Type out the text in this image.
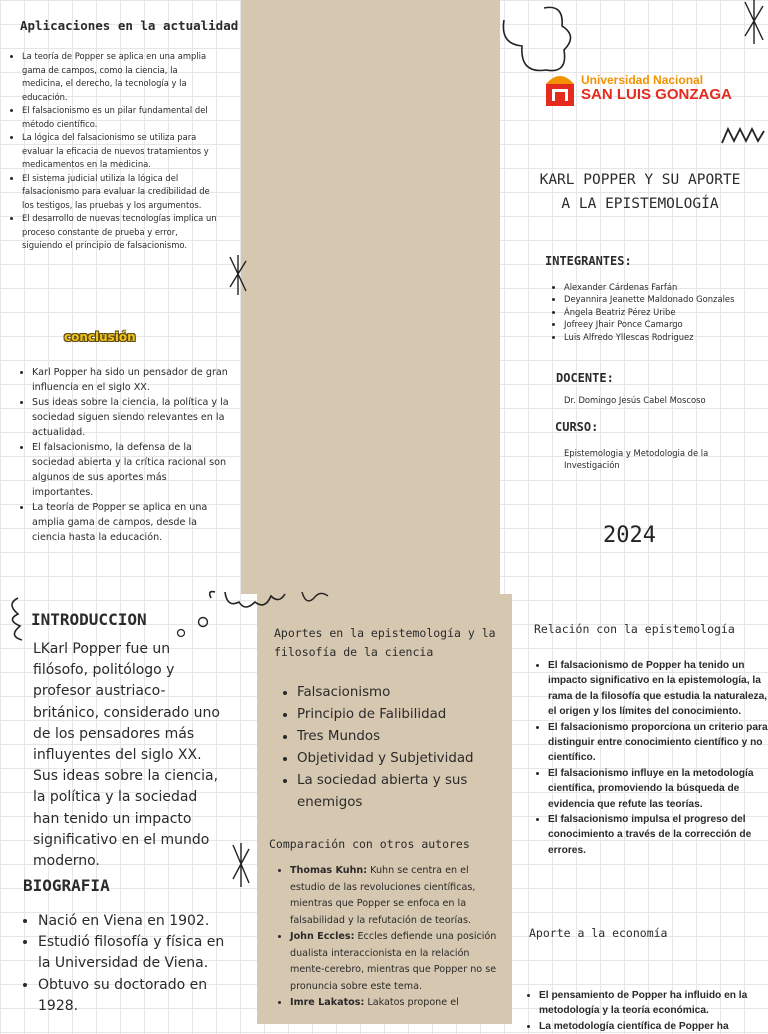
Aplicaciones en la actualidad
• La teoría de Popper se aplica en una amplia gama de campos, como la ciencia, la medicina, el derecho, la tecnología y la educación.
• El falsacionismo es un pilar fundamental del método científico.
• La lógica del falsacionismo se utiliza para evaluar la eficacia de nuevos tratamientos y medicamentos en la medicina.
• El sistema judicial utiliza la lógica del falsacionismo para evaluar la credibilidad de los testigos, las pruebas y los argumentos.
• El desarrollo de nuevas tecnologías implica un proceso constante de prueba y error, siguiendo el principio de falsacionismo.
conclusión
• Karl Popper ha sido un pensador de gran influencia en el siglo XX.
• Sus ideas sobre la ciencia, la política y la sociedad siguen siendo relevantes en la actualidad.
• El falsacionismo, la defensa de la sociedad abierta y la crítica racional son algunos de sus aportes más importantes.
• La teoría de Popper se aplica en una amplia gama de campos, desde la ciencia hasta la educación.
Universidad Nacional
SAN LUIS GONZAGA
KARL POPPER Y SU APORTE
A LA EPISTEMOLOGÍA
INTEGRANTES:
• Alexander Cárdenas Farfán
• Deyannira Jeanette Maldonado Gonzales
• Ángela Beatriz Pérez Uribe
• Jofreey Jhair Ponce Camargo
• Luis Alfredo Yllescas Rodriguez
DOCENTE:
Dr. Domingo Jesús Cabel Moscoso
CURSO:
Epistemologia y Metodologia de la Investigación
2024
INTRODUCCION
LKarl Popper fue un filósofo, politólogo y profesor austriaco-británico, considerado uno de los pensadores más influyentes del siglo XX. Sus ideas sobre la ciencia, la política y la sociedad han tenido un impacto significativo en el mundo moderno.
BIOGRAFIA
• Nació en Viena en 1902.
• Estudió filosofía y física en la Universidad de Viena.
• Obtuvo su doctorado en 1928.
Aportes en la epistemología y la filosofía de la ciencia
• Falsacionismo
• Principio de Falibilidad
• Tres Mundos
• Objetividad y Subjetividad
• La sociedad abierta y sus enemigos
Comparación con otros autores
• Thomas Kuhn: Kuhn se centra en el estudio de las revoluciones científicas, mientras que Popper se enfoca en la falsabilidad y la refutación de teorías.
• John Eccles: Eccles defiende una posición dualista interaccionista en la relación mente-cerebro, mientras que Popper no se pronuncia sobre este tema.
• Imre Lakatos: Lakatos propone el
Relación con la epistemología
• El falsacionismo de Popper ha tenido un impacto significativo en la epistemología, la rama de la filosofía que estudia la naturaleza, el origen y los límites del conocimiento.
• El falsacionismo proporciona un criterio para distinguir entre conocimiento científico y no científico.
• El falsacionismo influye en la metodología científica, promoviendo la búsqueda de evidencia que refute las teorías.
• El falsacionismo impulsa el progreso del conocimiento a través de la corrección de errores.
Aporte a la economía
• El pensamiento de Popper ha influido en la metodología y la teoría económica.
• La metodología científica de Popper ha
